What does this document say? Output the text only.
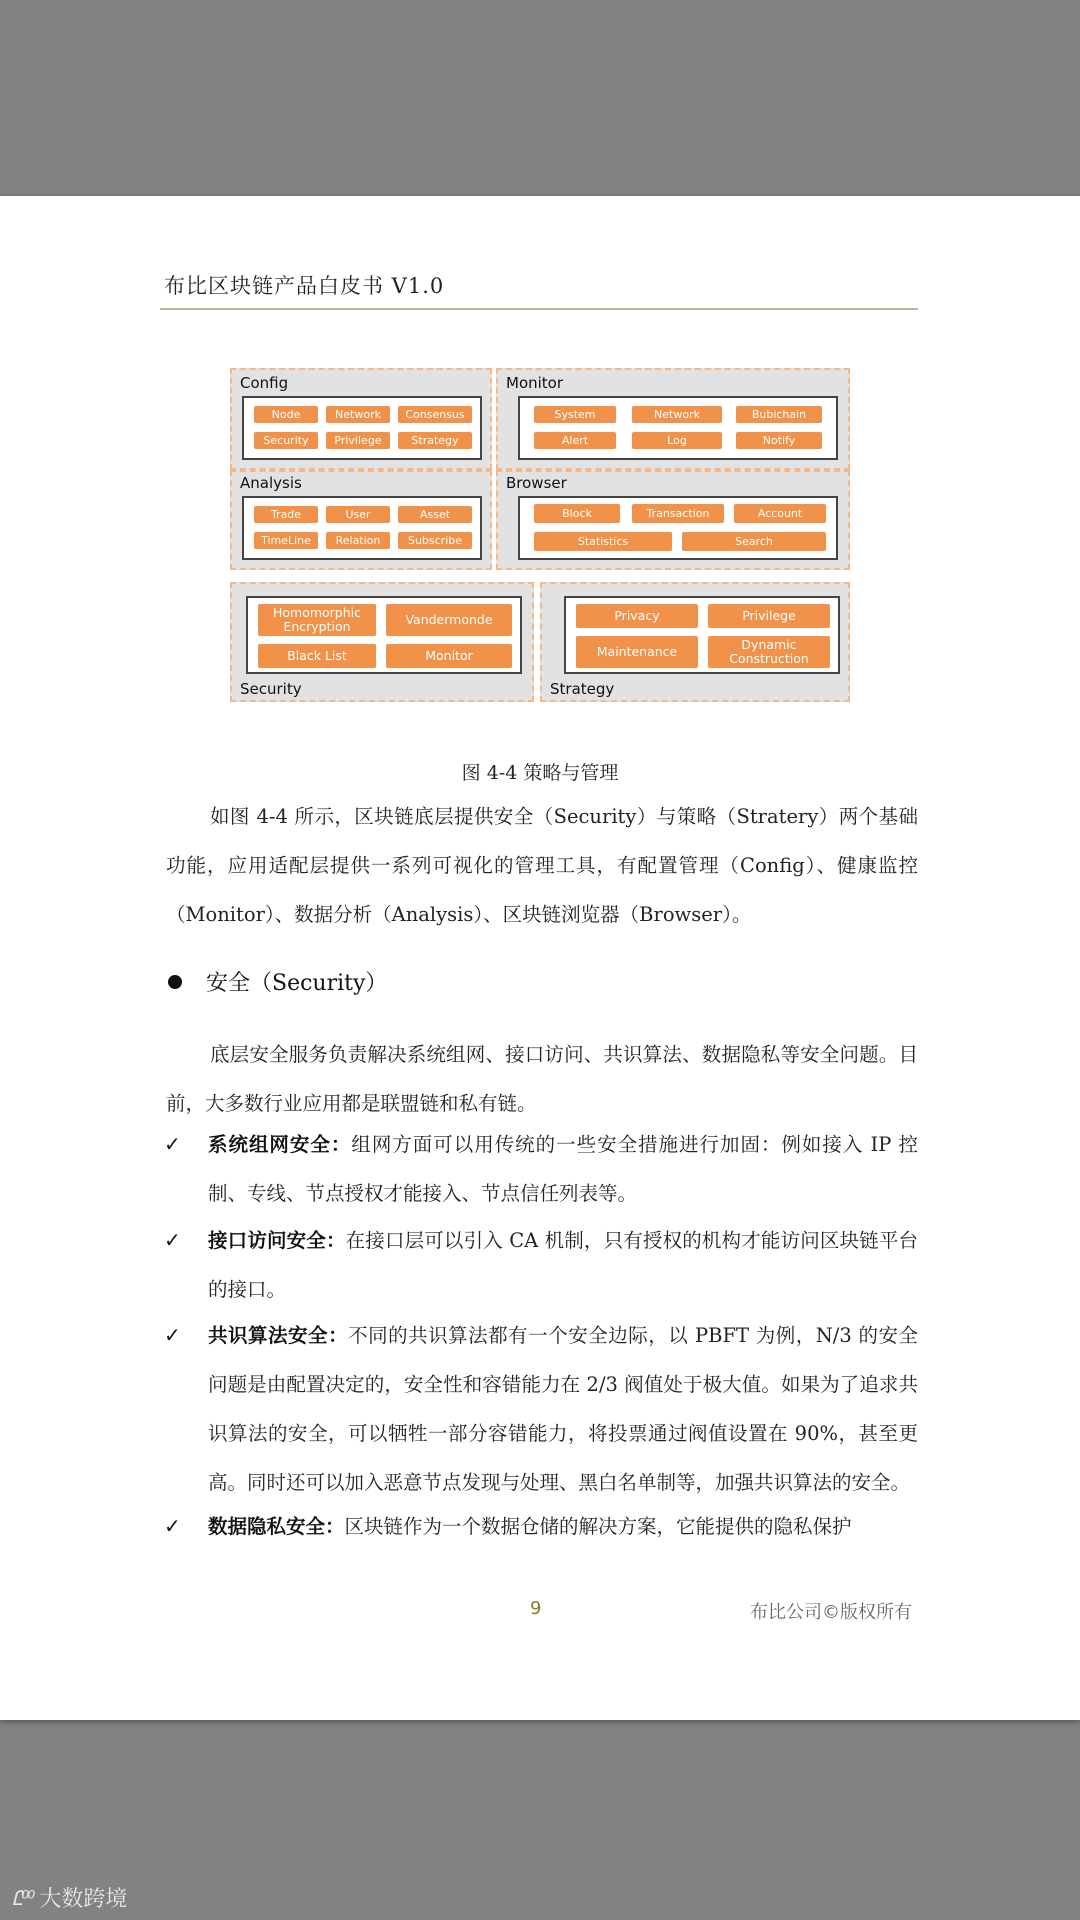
布比区块链产品白皮书 V1.0
Config
Node	Network	Consensus
Security	Privilege	Strategy
Monitor
System	Network	Bubichain
Alert	Log	Notify
Analysis
Trade	User	Asset
TimeLine	Relation	Subscribe
Browser
Block	Transaction	Account
Statistics	Search
Homomorphic Encryption	Vandermonde
Black List	Monitor
Security
Privacy	Privilege
Maintenance	Dynamic Construction
Strategy
图 4-4 策略与管理
如图 4-4 所示，区块链底层提供安全（Security）与策略（Stratery）两个基础功能，应用适配层提供一系列可视化的管理工具，有配置管理（Config）、健康监控（Monitor）、数据分析（Analysis）、区块链浏览器（Browser）。
安全（Security）
底层安全服务负责解决系统组网、接口访问、共识算法、数据隐私等安全问题。目前，大多数行业应用都是联盟链和私有链。
✓ 系统组网安全：组网方面可以用传统的一些安全措施进行加固：例如接入 IP 控制、专线、节点授权才能接入、节点信任列表等。
✓ 接口访问安全：在接口层可以引入 CA 机制，只有授权的机构才能访问区块链平台的接口。
✓ 共识算法安全：不同的共识算法都有一个安全边际，以 PBFT 为例，N/3 的安全问题是由配置决定的，安全性和容错能力在 2/3 阀值处于极大值。如果为了追求共识算法的安全，可以牺牲一部分容错能力，将投票通过阀值设置在 90%，甚至更高。同时还可以加入恶意节点发现与处理、黑白名单制等，加强共识算法的安全。
✓ 数据隐私安全：区块链作为一个数据仓储的解决方案，它能提供的隐私保护
9	布比公司©版权所有
Ꮭ⁰⁰ 大数跨境
